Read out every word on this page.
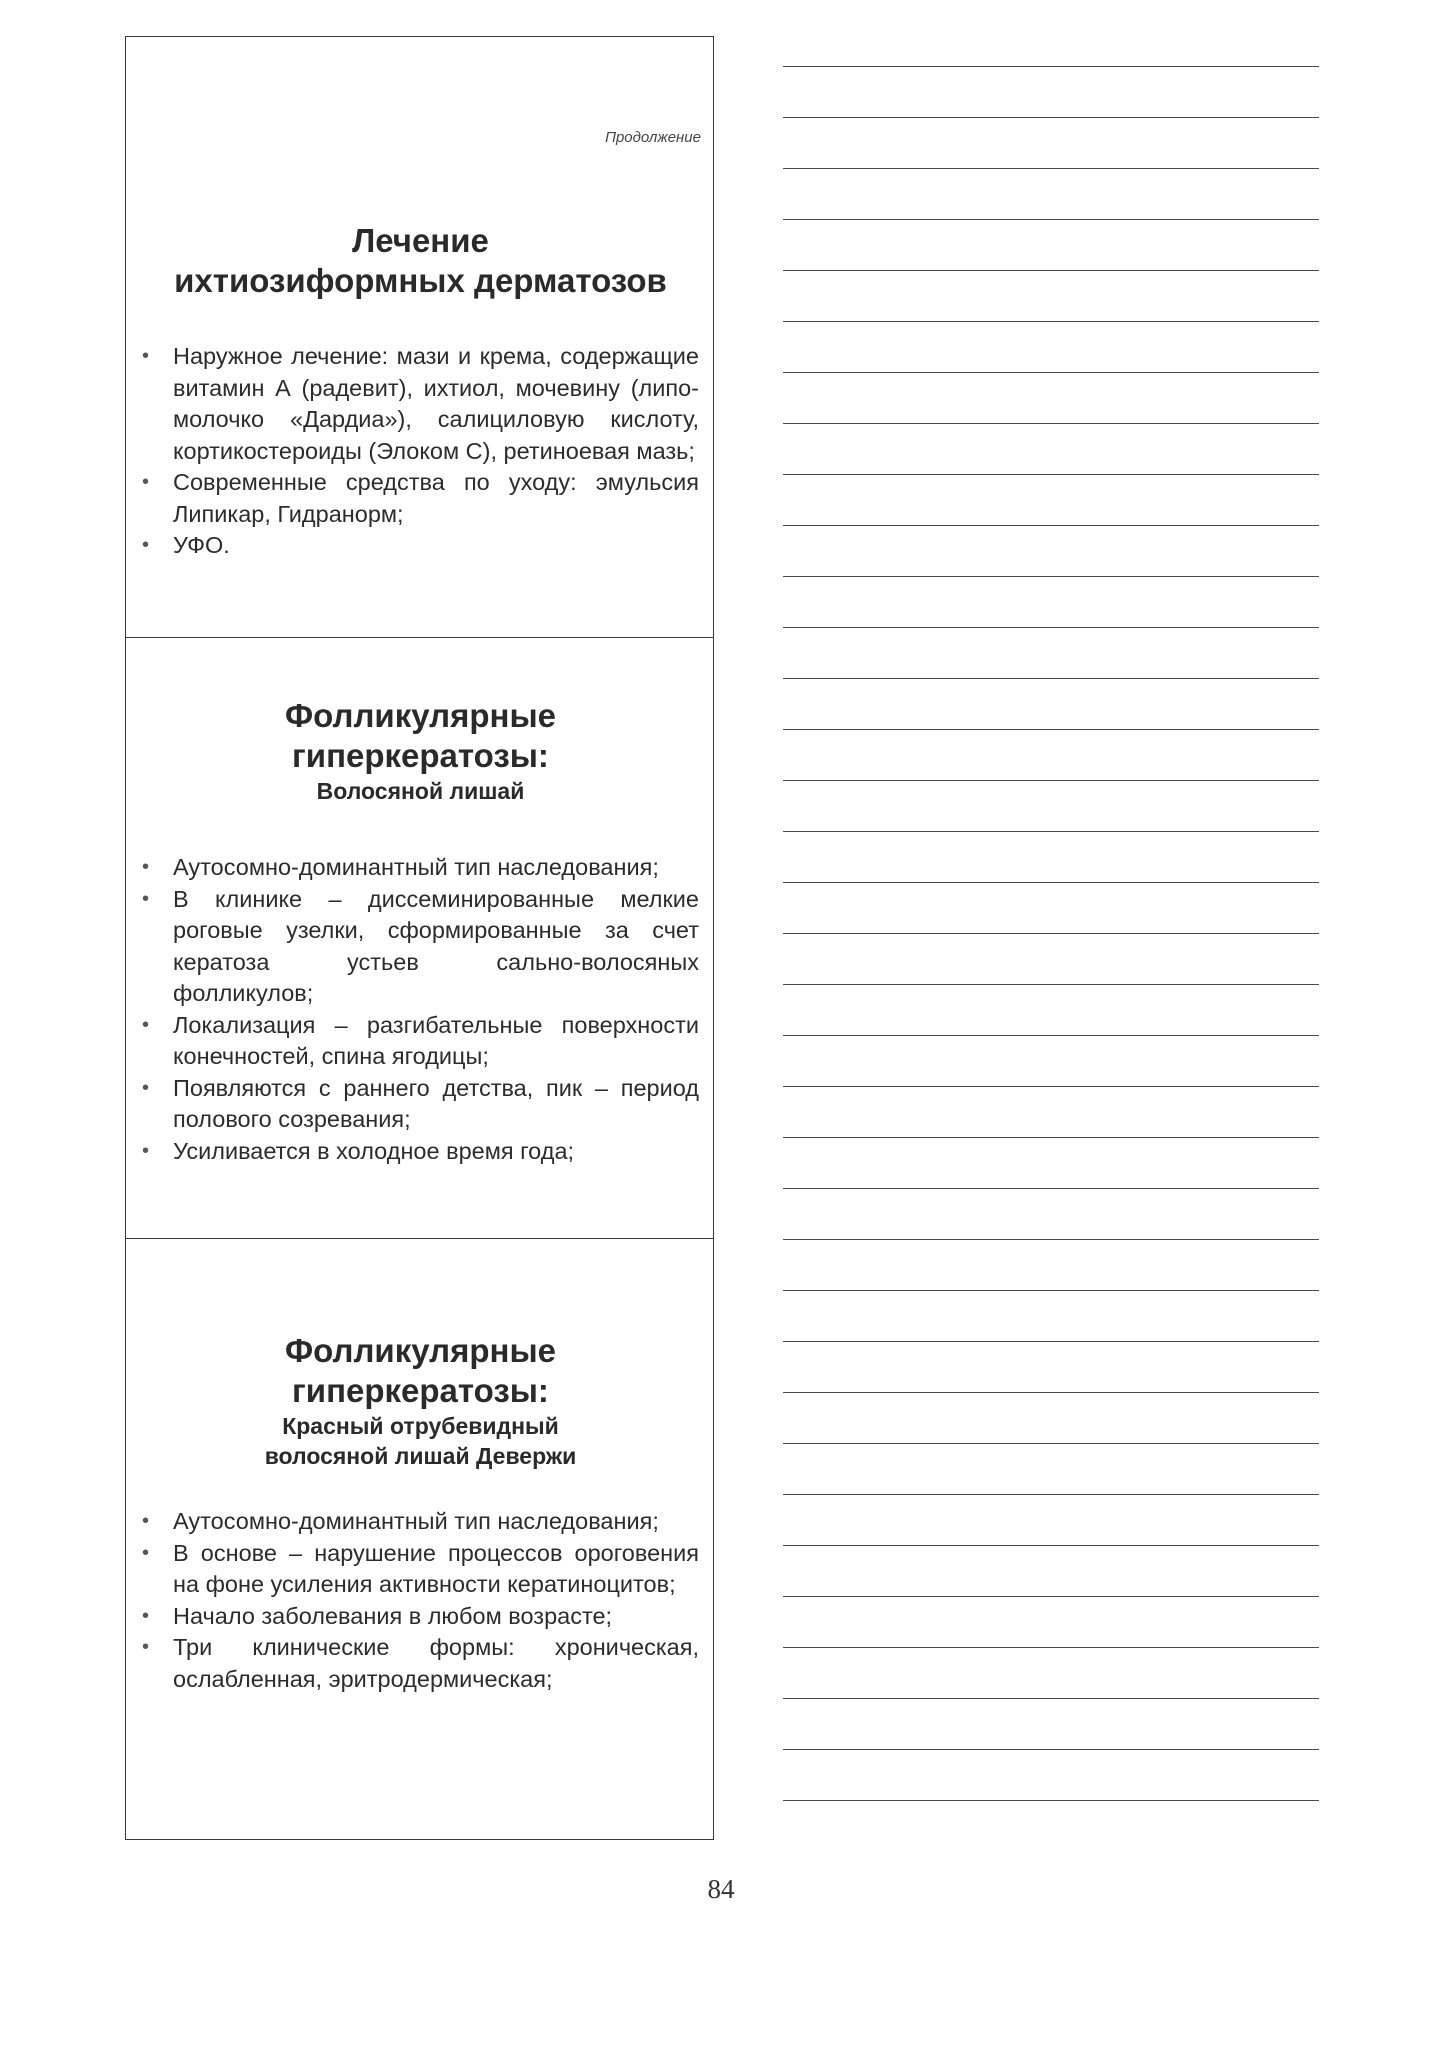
Продолжение
Лечение
ихтиозиформных дерматозов
•	Наружное лечение: мази и крема, содержащие витамин А (радевит), ихтиол, мочевину (липо-молочко «Дардиа»), салициловую кислоту, кортикостероиды (Элоком С), ретиноевая мазь;
•	Современные средства по уходу: эмульсия Липикар, Гидранорм;
•	УФО.
Фолликулярные
гиперкератозы:
Волосяной лишай
•	Аутосомно-доминантный тип наследования;
•	В клинике – диссеминированные мелкие роговые узелки, сформированные за счет кератоза устьев сально-волосяных фолликулов;
•	Локализация – разгибательные поверхности конечностей, спина ягодицы;
•	Появляются с раннего детства, пик – период полового созревания;
•	Усиливается в холодное время года;
Фолликулярные
гиперкератозы:
Красный отрубевидный
волосяной лишай Девержи
•	Аутосомно-доминантный тип наследования;
•	В основе – нарушение процессов ороговения на фоне усиления активности кератиноцитов;
•	Начало заболевания в любом возрасте;
•	Три клинические формы: хроническая, ослабленная, эритродермическая;
84
